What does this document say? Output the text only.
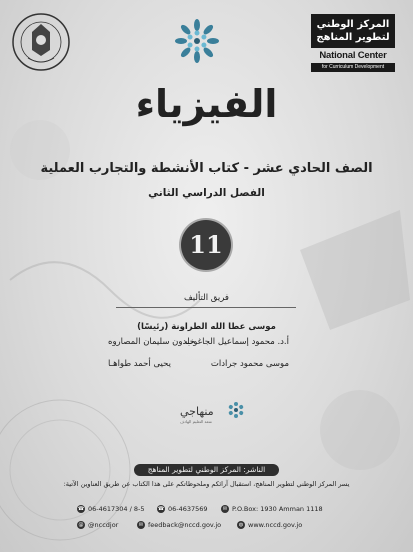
المركز الوطني لتطوير المناهج
National Center
for Curriculum Development
الفيزياء
الصف الحادي عشر - كتاب الأنشطة والتجارب العملية
الفصل الدراسي الثاني
11
فريق التأليف
موسى عطا الله الطراونة (رئيسًا)
أ.د. محمود إسماعيل الجاغوب
خلدون سليمان المصاروه
موسى محمود جرادات
يحيى أحمد طواهـا
منهاجي
متعة التعليم الهادف
الناشر: المركز الوطني لتطوير المناهج
يسر المركز الوطني لتطوير المناهج، استقبال آرائكم وملحوظاتكم على هذا الكتاب عن طريق العناوين الآتية:
☎ 06-4617304 / 8-5	☎ 06-4637569	✉ P.O.Box: 1930 Amman 1118
@ @nccdjor	✉ feedback@nccd.gov.jo	◍ www.nccd.gov.jo
